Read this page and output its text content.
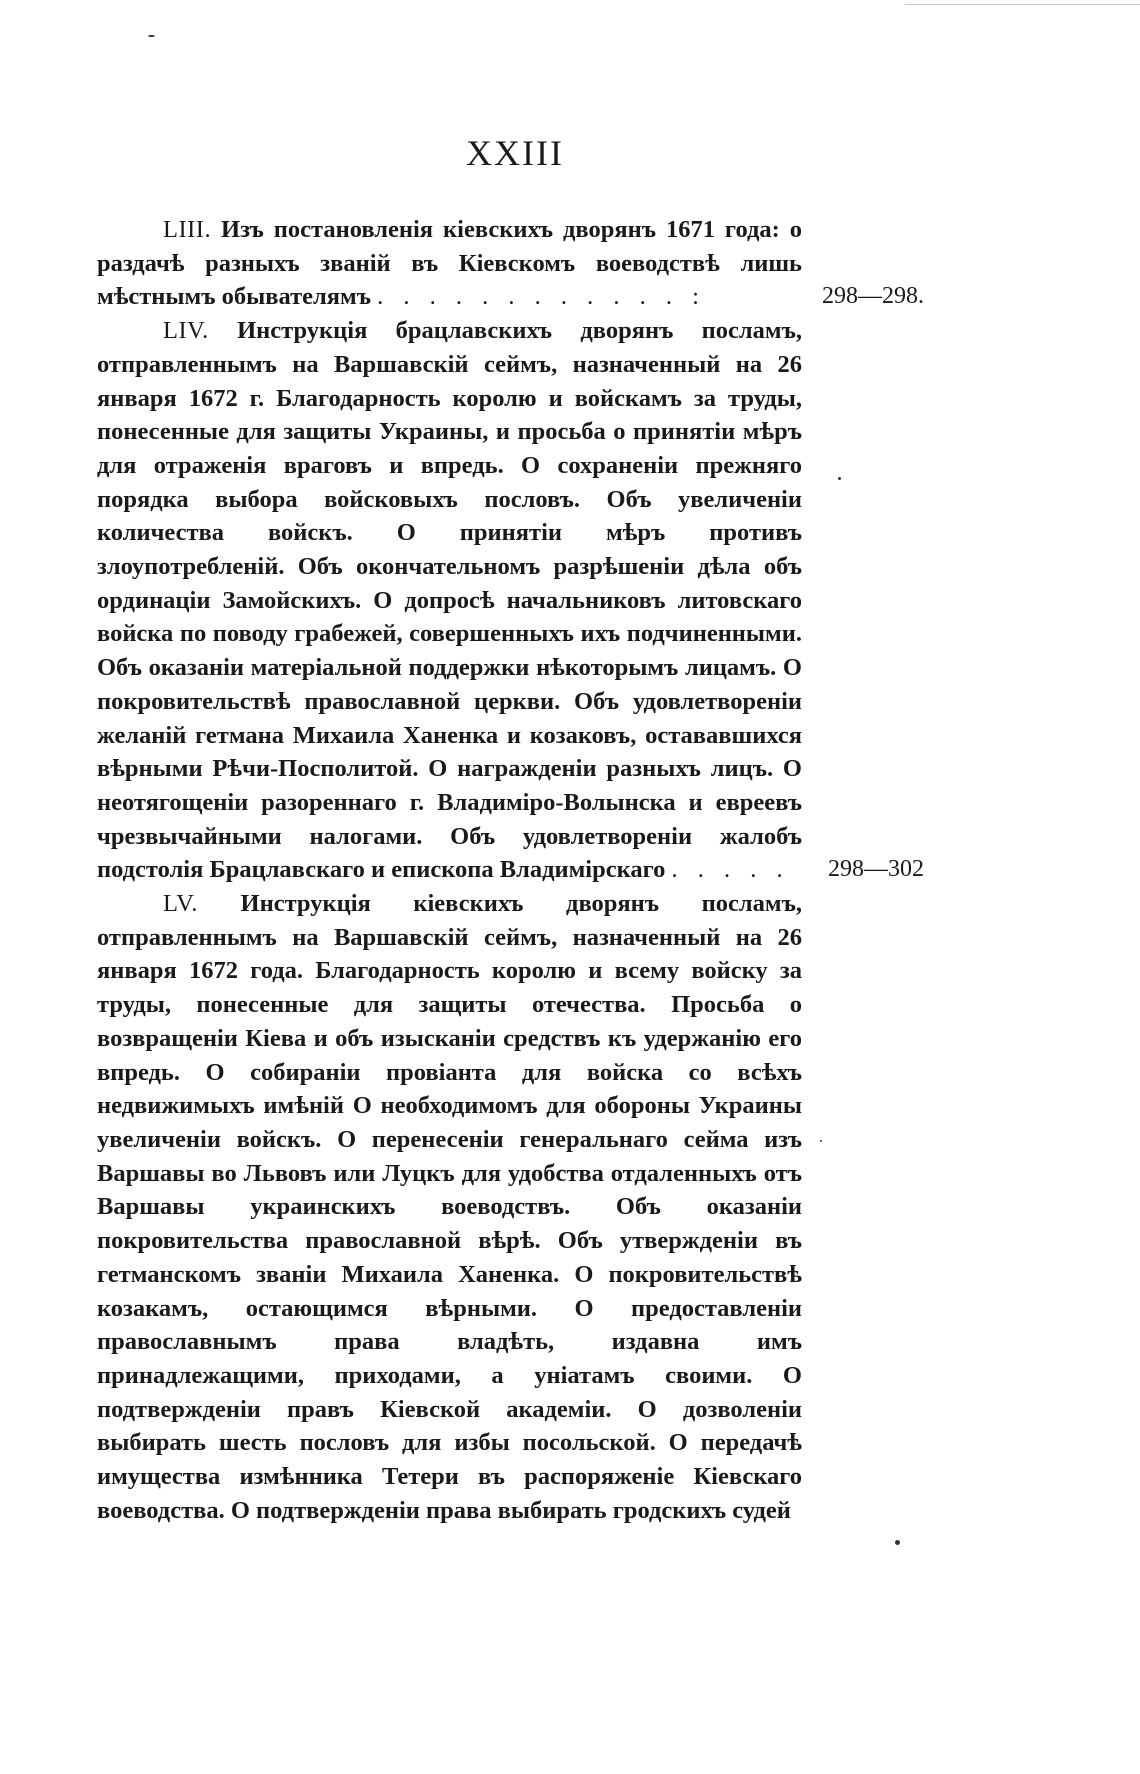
XXIII

LIII. Изъ постановленія кіевскихъ дворянъ 1671 года: о раздачѣ разныхъ званій въ Кіевскомъ воеводствѣ лишь мѣстнымъ обывателямъ . . . . . . . . . . . . :	298—298.

LIV. Инструкція брацлавскихъ дворянъ посламъ, отправленнымъ на Варшавскій сеймъ, назначенный на 26 января 1672 г. Благодарность королю и войскамъ за труды, понесенные для защиты Украины, и просьба о принятіи мѣръ для отраженія враговъ и впредь. О сохраненіи прежняго порядка выбора войсковыхъ пословъ. Объ увеличеніи количества войскъ. О принятіи мѣръ противъ злоупотребленій. Объ окончательномъ разрѣшеніи дѣла объ ординаціи Замойскихъ. О допросѣ начальниковъ литовскаго войска по поводу грабежей, совершенныхъ ихъ подчиненными. Объ оказаніи матеріальной поддержки нѣкоторымъ лицамъ. О покровительствѣ православной церкви. Объ удовлетвореніи желаній гетмана Михаила Ханенка и козаковъ, остававшихся вѣрными Рѣчи-Посполитой. О награжденіи разныхъ лицъ. О неотягощеніи разореннаго г. Владиміро-Волынска и евреевъ чрезвычайными налогами. Объ удовлетвореніи жалобъ подстолія Брацлавскаго и епископа Владимірскаго . . . . .	298—302

LV. Инструкція кіевскихъ дворянъ посламъ, отправленнымъ на Варшавскій сеймъ, назначенный на 26 января 1672 года. Благодарность королю и всему войску за труды, понесенные для защиты отечества. Просьба о возвращеніи Кіева и объ изысканіи средствъ къ удержанію его впредь. О собираніи провіанта для войска со всѣхъ недвижимыхъ имѣній О необходимомъ для обороны Украины увеличеніи войскъ. О перенесеніи генеральнаго сейма изъ Варшавы во Львовъ или Луцкъ для удобства отдаленныхъ отъ Варшавы украинскихъ воеводствъ. Объ оказаніи покровительства православной вѣрѣ. Объ утвержденіи въ гетманскомъ званіи Михаила Ханенка. О покровительствѣ козакамъ, остающимся вѣрными. О предоставленіи православнымъ права владѣть, издавна имъ принадлежащими, приходами, а уніатамъ своими. О подтвержденіи правъ Кіевской академіи. О дозволеніи выбирать шесть пословъ для избы посольской. О передачѣ имущества измѣнника Тетери въ распоряженіе Кіевскаго воеводства. О подтвержденіи права выбирать гродскихъ судей
